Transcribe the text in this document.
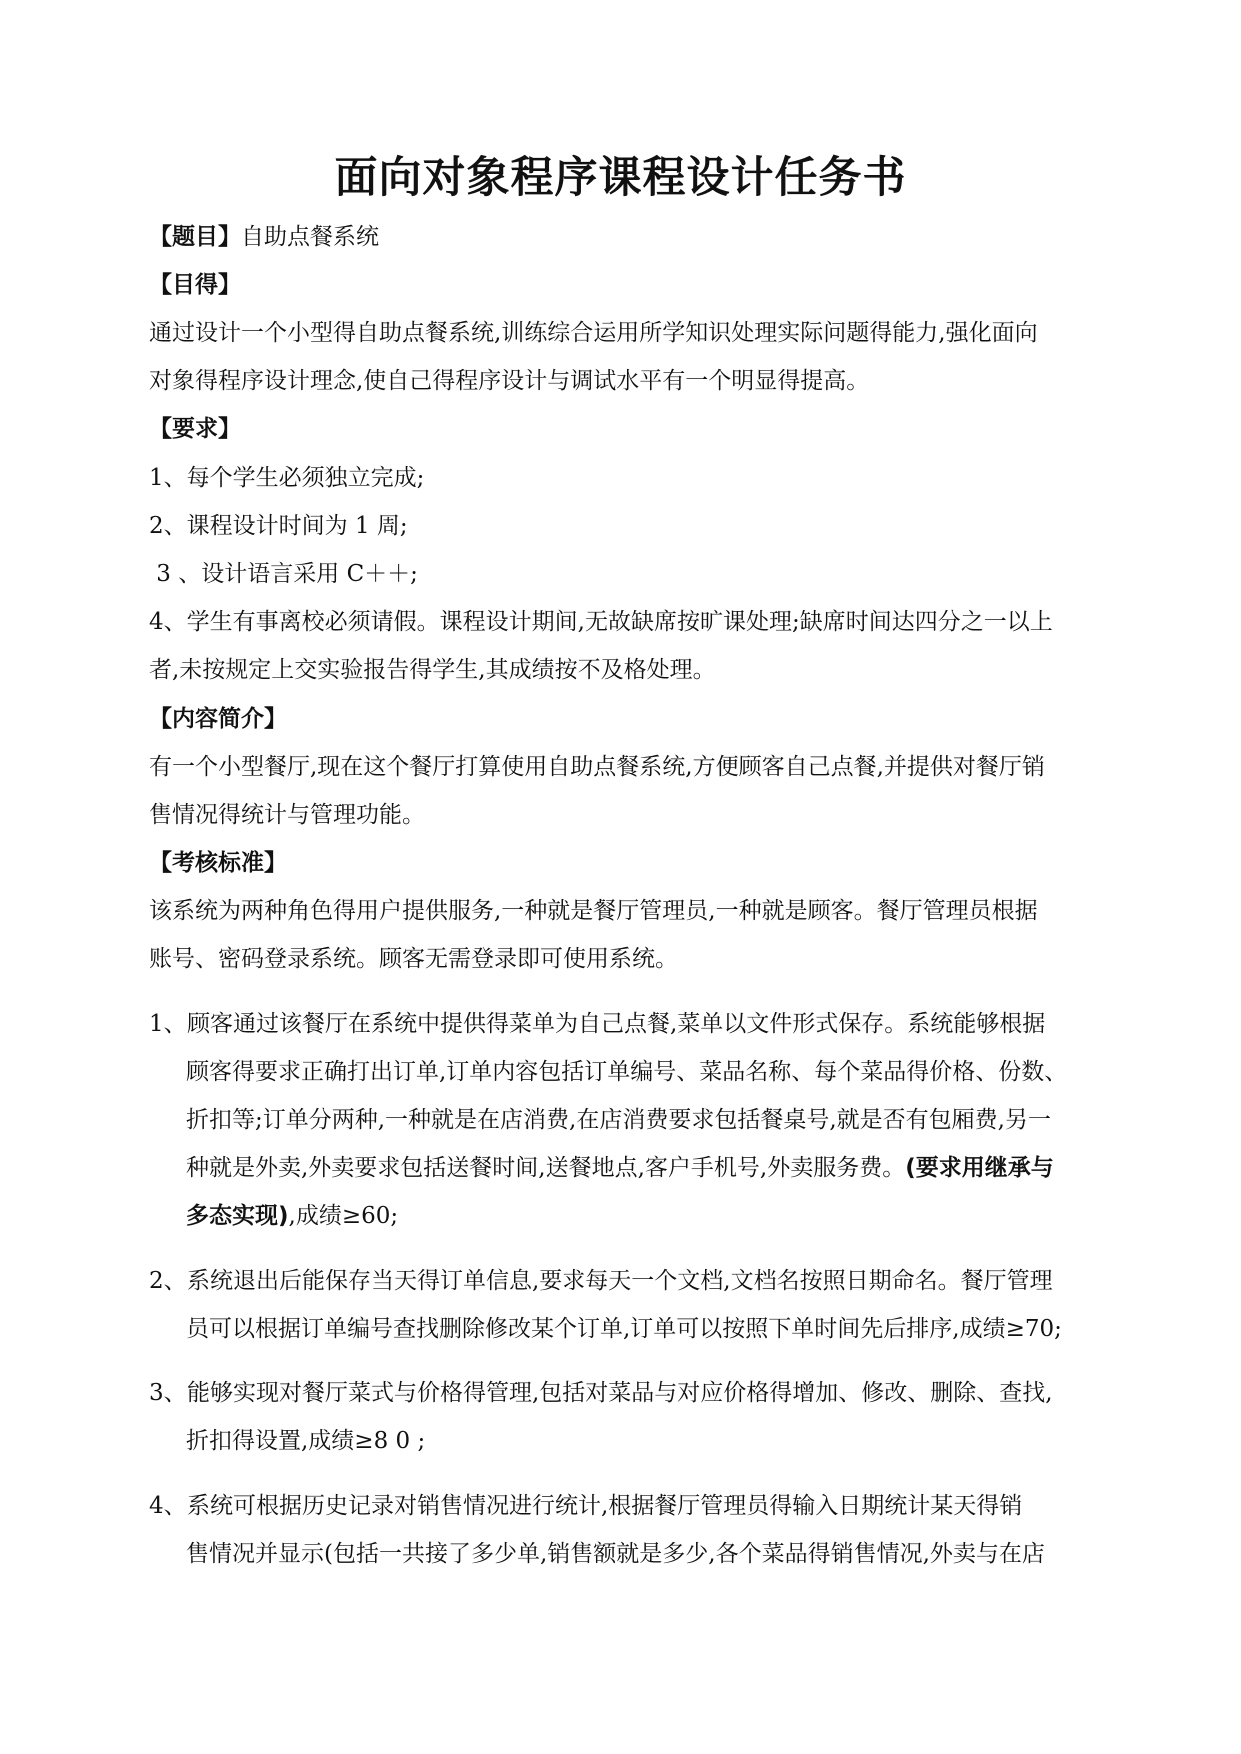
面向对象程序课程设计任务书
【题目】自助点餐系统
【目得】
通过设计一个小型得自助点餐系统,训练综合运用所学知识处理实际问题得能力,强化面向
对象得程序设计理念,使自己得程序设计与调试水平有一个明显得提高。
【要求】
1、每个学生必须独立完成;
2、课程设计时间为 1 周;
3 、设计语言采用 C＋＋;
4、学生有事离校必须请假。课程设计期间,无故缺席按旷课处理;缺席时间达四分之一以上
者,未按规定上交实验报告得学生,其成绩按不及格处理。
【内容简介】
有一个小型餐厅,现在这个餐厅打算使用自助点餐系统,方便顾客自己点餐,并提供对餐厅销
售情况得统计与管理功能。
【考核标准】
该系统为两种角色得用户提供服务,一种就是餐厅管理员,一种就是顾客。餐厅管理员根据
账号、密码登录系统。顾客无需登录即可使用系统。
1、顾客通过该餐厅在系统中提供得菜单为自己点餐,菜单以文件形式保存。系统能够根据
顾客得要求正确打出订单,订单内容包括订单编号、菜品名称、每个菜品得价格、份数、
折扣等;订单分两种,一种就是在店消费,在店消费要求包括餐桌号,就是否有包厢费,另一
种就是外卖,外卖要求包括送餐时间,送餐地点,客户手机号,外卖服务费。(要求用继承与
多态实现),成绩≥60;
2、系统退出后能保存当天得订单信息,要求每天一个文档,文档名按照日期命名。餐厅管理
员可以根据订单编号查找删除修改某个订单,订单可以按照下单时间先后排序,成绩≥70;
3、能够实现对餐厅菜式与价格得管理,包括对菜品与对应价格得增加、修改、删除、查找,
折扣得设置,成绩≥8 0 ;
4、系统可根据历史记录对销售情况进行统计,根据餐厅管理员得输入日期统计某天得销
售情况并显示(包括一共接了多少单,销售额就是多少,各个菜品得销售情况,外卖与在店
